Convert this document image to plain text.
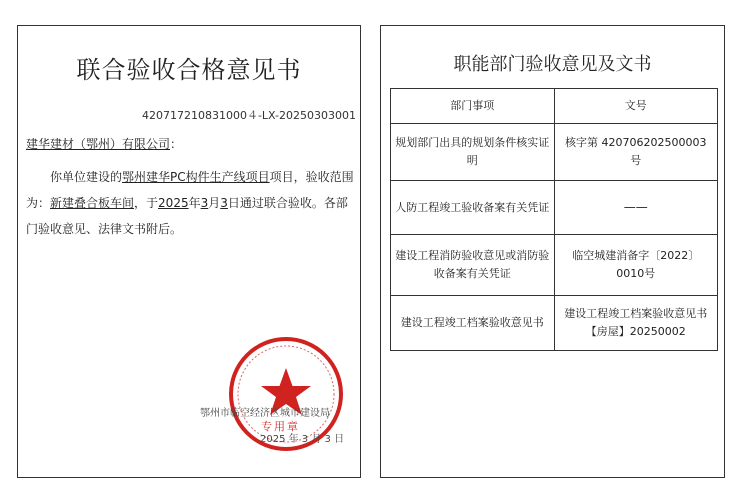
联合验收合格意见书
420717210831000４-LX-20250303001
建华建材（鄂州）有限公司：
你单位建设的鄂州建华PC构件生产线项目项目，验收范围为：新建叠合板车间，于2025年3月3日通过联合验收。各部门验收意见、法律文书附后。
鄂州市临空经济区城市建设局
专用章
2025 年 3 月 3 日
职能部门验收意见及文书
部门事项	文号
规划部门出具的规划条件核实证明	核字第 420706202500003 号
人防工程竣工验收备案有关凭证	——
建设工程消防验收意见或消防验收备案有关凭证	临空城建消备字〔2022〕0010号
建设工程竣工档案验收意见书	建设工程竣工档案验收意见书【房屋】20250002
